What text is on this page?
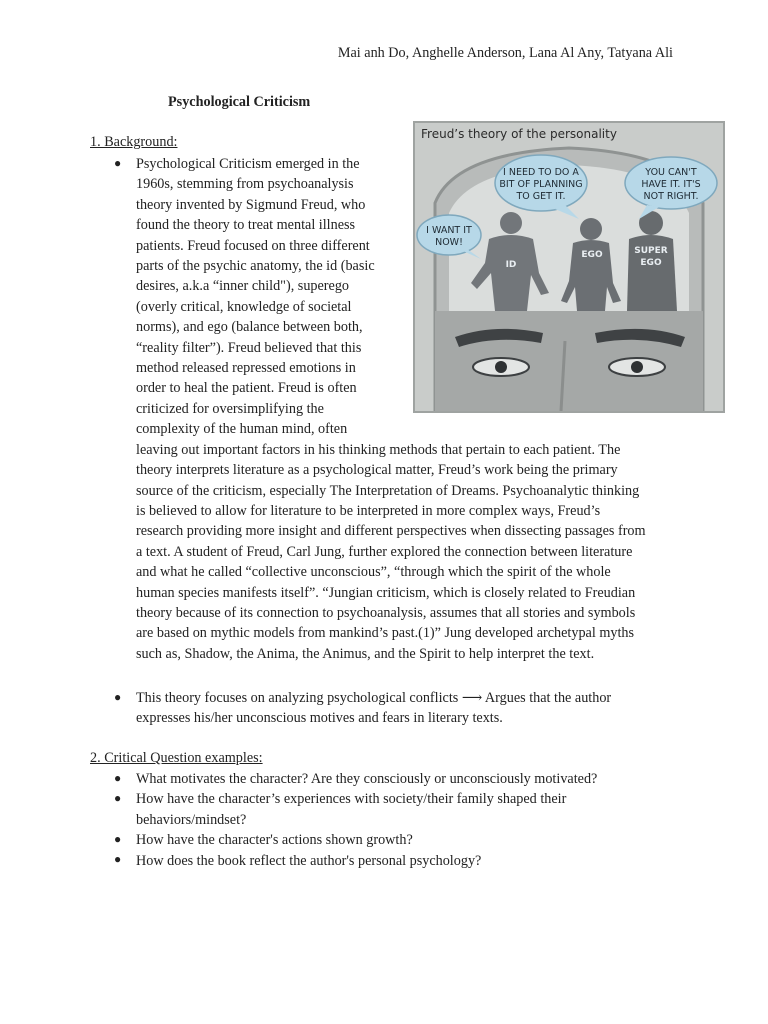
Mai anh Do, Anghelle Anderson, Lana Al Any, Tatyana Ali
Psychological Criticism
1. Background:
● Psychological Criticism emerged in the
1960s, stemming from psychoanalysis
theory invented by Sigmund Freud, who
found the theory to treat mental illness
patients. Freud focused on three different
parts of the psychic anatomy, the id (basic
desires, a.k.a “inner child"), superego
(overly critical, knowledge of societal
norms), and ego (balance between both,
“reality filter”). Freud believed that this
method released repressed emotions in
order to heal the patient. Freud is often
criticized for oversimplifying the
complexity of the human mind, often
leaving out important factors in his thinking methods that pertain to each patient. The
theory interprets literature as a psychological matter, Freud’s work being the primary
source of the criticism, especially The Interpretation of Dreams. Psychoanalytic thinking
is believed to allow for literature to be interpreted in more complex ways, Freud’s
research providing more insight and different perspectives when dissecting passages from
a text. A student of Freud, Carl Jung, further explored the connection between literature
and what he called “collective unconscious”, “through which the spirit of the whole
human species manifests itself”. “Jungian criticism, which is closely related to Freudian
theory because of its connection to psychoanalysis, assumes that all stories and symbols
are based on mythic models from mankind’s past.(1)” Jung developed archetypal myths
such as, Shadow, the Anima, the Animus, and the Spirit to help interpret the text.
● This theory focuses on analyzing psychological conflicts ⟶ Argues that the author
expresses his/her unconscious motives and fears in literary texts.
2. Critical Question examples:
●
●
●
●
What motivates the character? Are they consciously or unconsciously motivated?
How have the character’s experiences with society/their family shaped their
behaviors/mindset?
How have the character's actions shown growth?
How does the book reflect the author's personal psychology?
ID
EGO	SUPER
EGO
I WANT IT
NOW!
I NEED TO DO A
BIT OF PLANNING
TO GET IT.
YOU CAN'T
HAVE IT. IT'S
NOT RIGHT.
Freud’s theory of the personality
